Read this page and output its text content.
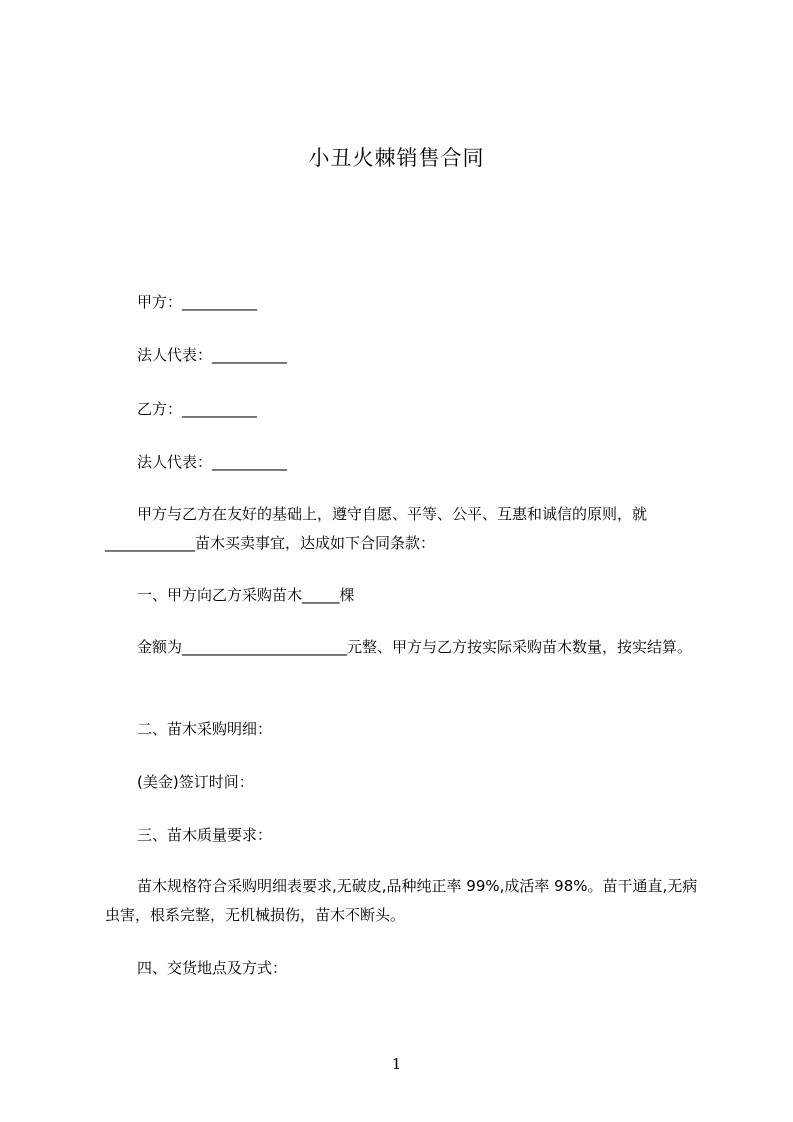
小丑火棘销售合同
甲方：__________
法人代表：__________
乙方：__________
法人代表：__________
甲方与乙方在友好的基础上，遵守自愿、平等、公平、互惠和诚信的原则，就____________苗木买卖事宜，达成如下合同条款：
一、甲方向乙方采购苗木_____棵
金额为______________________元整、甲方与乙方按实际采购苗木数量，按实结算。
二、苗木采购明细：
(美金)签订时间：
三、苗木质量要求：
苗木规格符合采购明细表要求,无破皮,品种纯正率 99%,成活率 98%。苗干通直,无病虫害，根系完整，无机械损伤，苗木不断头。
四、交货地点及方式：
1
